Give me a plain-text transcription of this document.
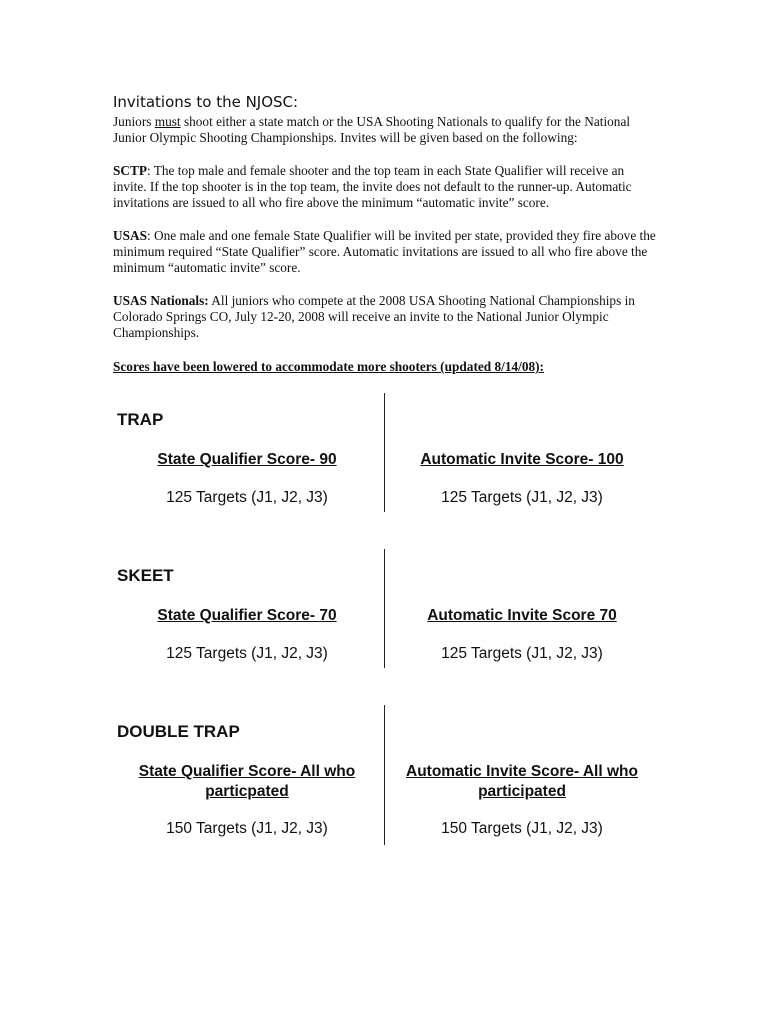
Invitations to the NJOSC:
Juniors must shoot either a state match or the USA Shooting Nationals to qualify for the National Junior Olympic Shooting Championships. Invites will be given based on the following:
SCTP: The top male and female shooter and the top team in each State Qualifier will receive an invite. If the top shooter is in the top team, the invite does not default to the runner-up. Automatic invitations are issued to all who fire above the minimum “automatic invite” score.
USAS: One male and one female State Qualifier will be invited per state, provided they fire above the minimum required “State Qualifier” score. Automatic invitations are issued to all who fire above the minimum “automatic invite” score.
USAS Nationals: All juniors who compete at the 2008 USA Shooting National Championships in Colorado Springs CO, July 12-20, 2008 will receive an invite to the National Junior Olympic Championships.
Scores have been lowered to accommodate more shooters (updated 8/14/08):
TRAP
State Qualifier Score- 90
125 Targets (J1, J2, J3)
Automatic Invite Score- 100
125 Targets (J1, J2, J3)
SKEET
State Qualifier Score- 70
125 Targets (J1, J2, J3)
Automatic Invite Score 70
125 Targets (J1, J2, J3)
DOUBLE TRAP
State Qualifier Score- All who particpated
150 Targets (J1, J2, J3)
Automatic Invite Score- All who participated
150 Targets (J1, J2, J3)
